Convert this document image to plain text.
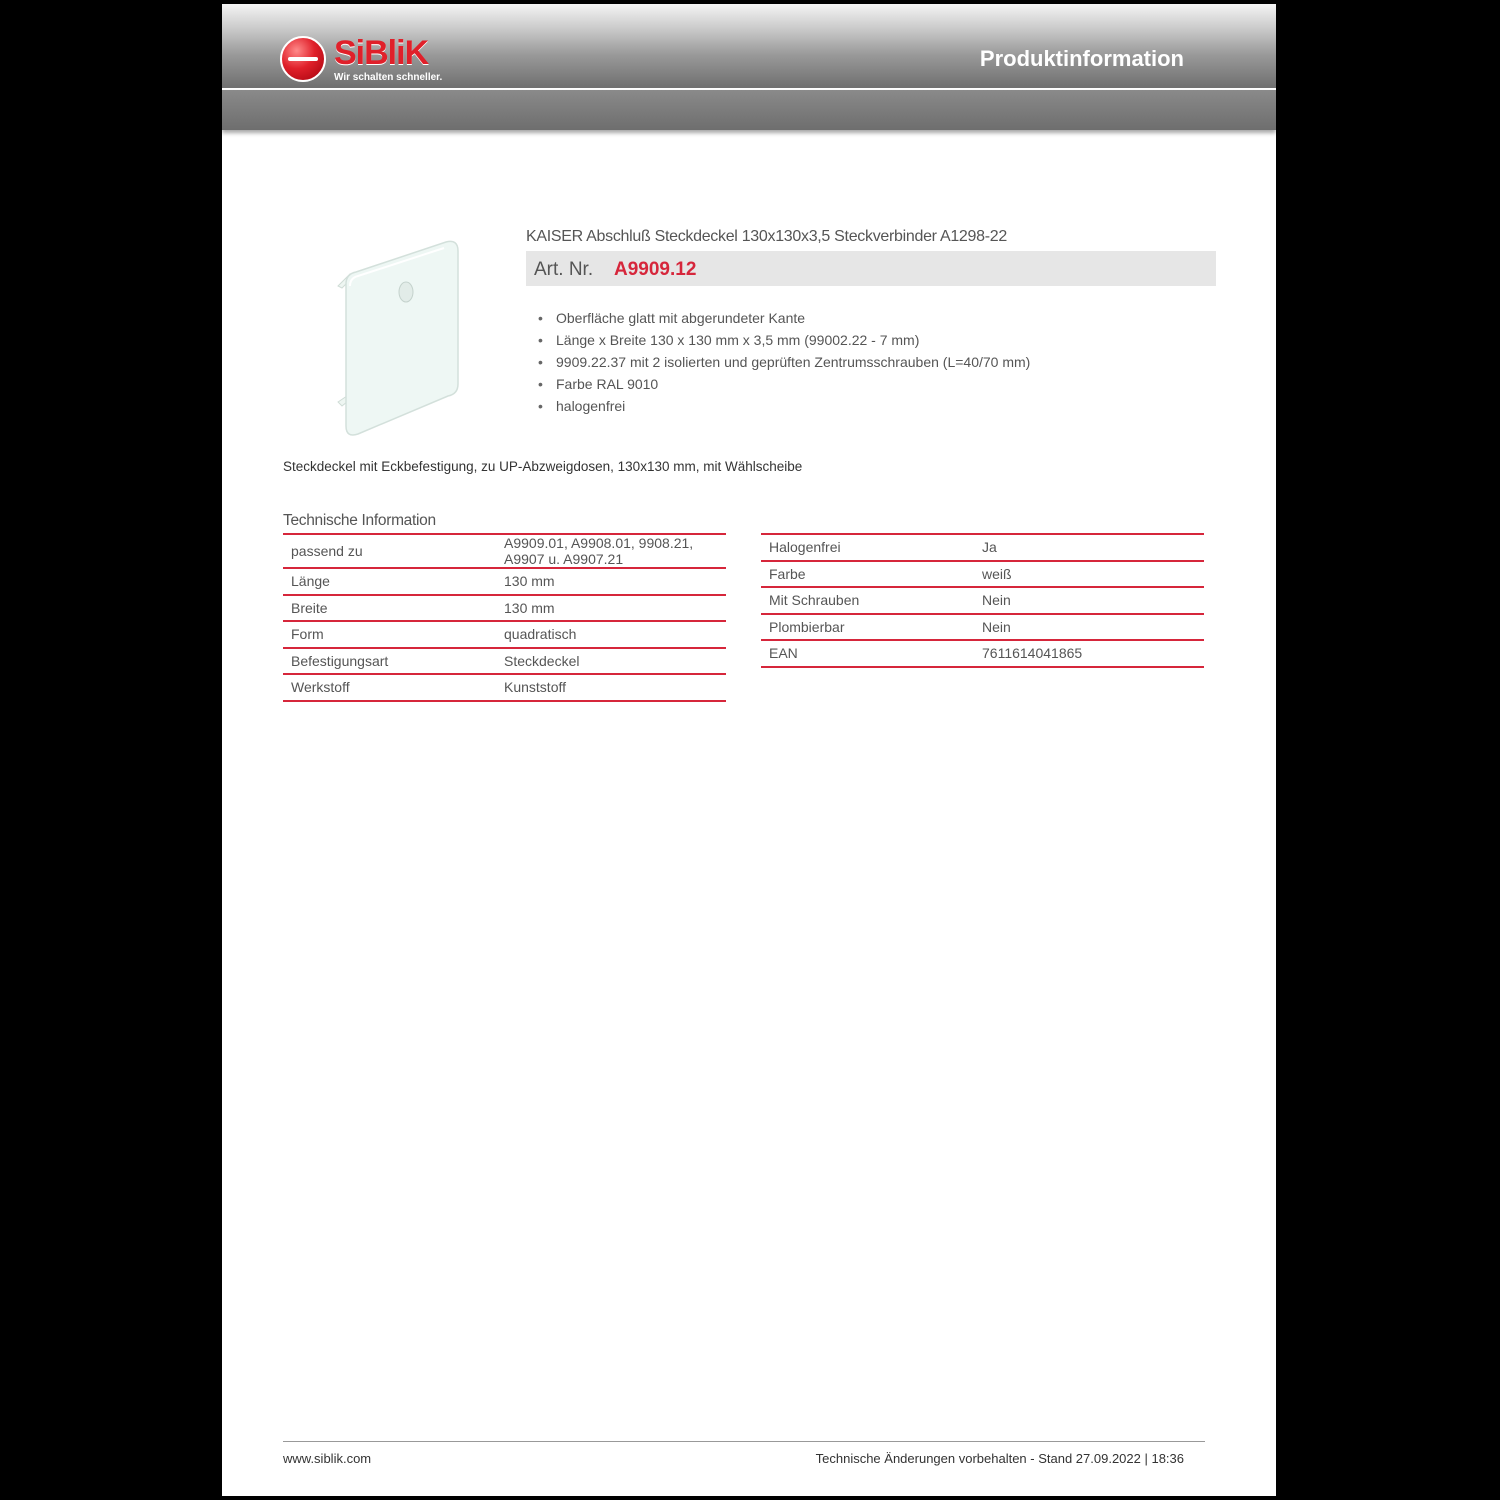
SiBliK
Wir schalten schneller.
Produktinformation
KAISER Abschluß Steckdeckel 130x130x3,5 Steckverbinder A1298-22
Art. Nr. A9909.12
• Oberfläche glatt mit abgerundeter Kante
• Länge x Breite 130 x 130 mm x 3,5 mm (99002.22 - 7 mm)
• 9909.22.37 mit 2 isolierten und geprüften Zentrumsschrauben (L=40/70 mm)
• Farbe RAL 9010
• halogenfrei
Steckdeckel mit Eckbefestigung, zu UP-Abzweigdosen, 130x130 mm, mit Wählscheibe
Technische Information
passend zu	A9909.01, A9908.01, 9908.21, A9907 u. A9907.21
Länge	130 mm
Breite	130 mm
Form	quadratisch
Befestigungsart	Steckdeckel
Werkstoff	Kunststoff
Halogenfrei	Ja
Farbe	weiß
Mit Schrauben	Nein
Plombierbar	Nein
EAN	7611614041865
www.siblik.com	Technische Änderungen vorbehalten - Stand 27.09.2022 | 18:36
